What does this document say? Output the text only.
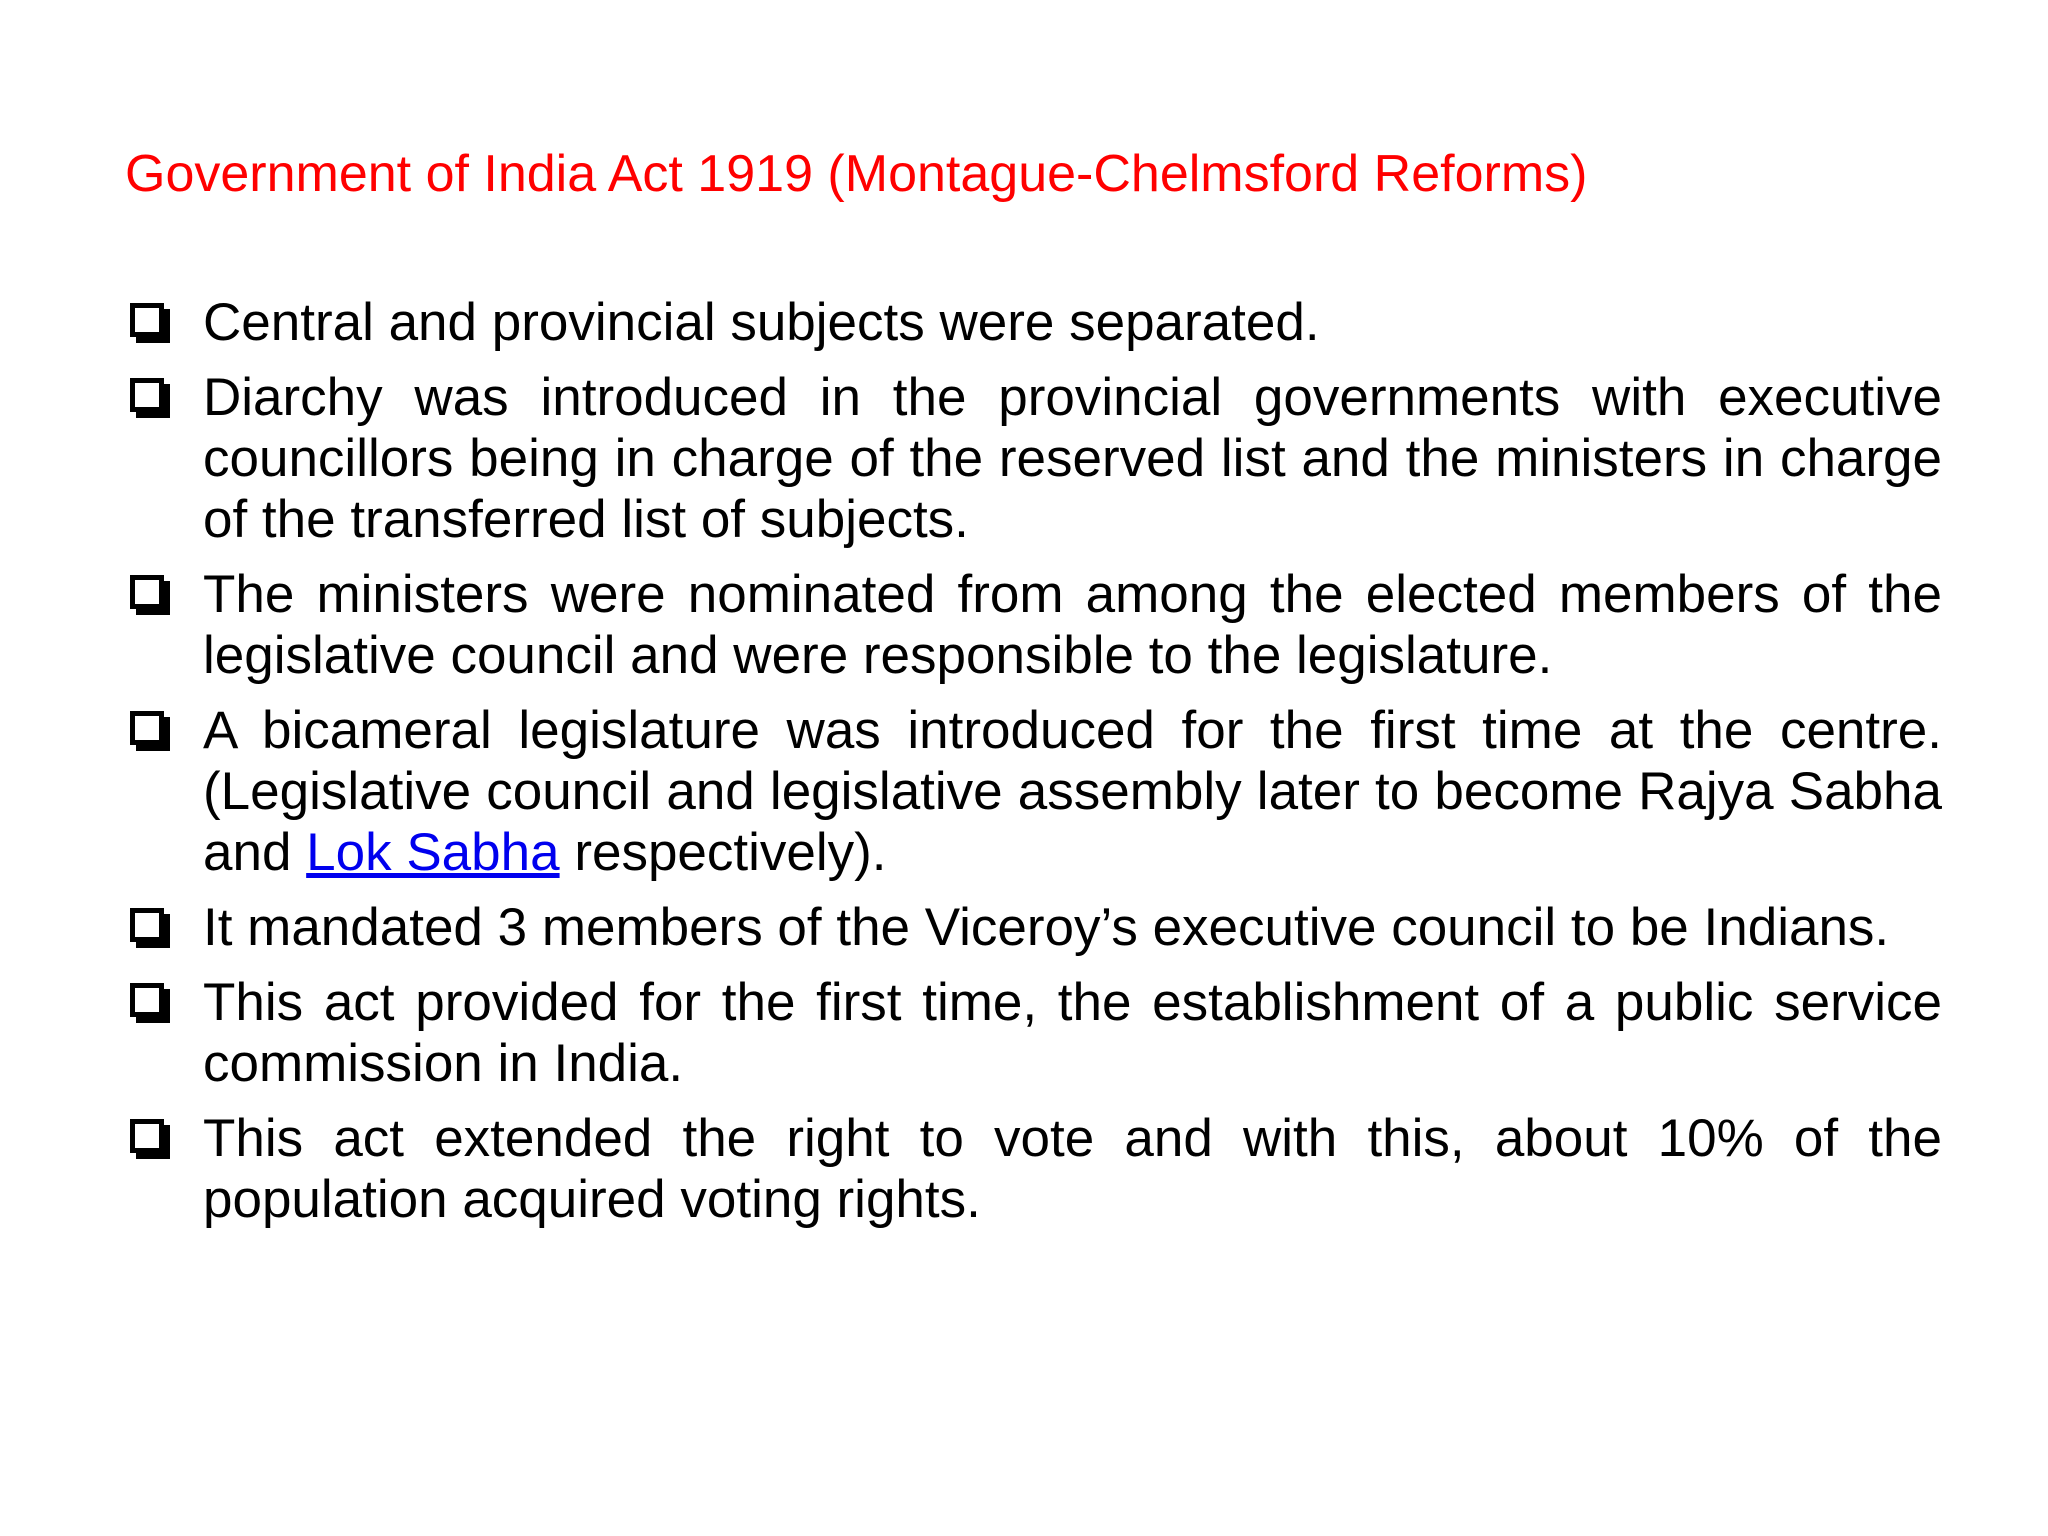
Government of India Act 1919 (Montague-Chelmsford Reforms)
Central and provincial subjects were separated.
Diarchy was introduced in the provincial governments with executive councillors being in charge of the reserved list and the ministers in charge of the transferred list of subjects.
The ministers were nominated from among the elected members of the legislative council and were responsible to the legislature.
A bicameral legislature was introduced for the first time at the centre. (Legislative council and legislative assembly later to become Rajya Sabha and Lok Sabha respectively).
It mandated 3 members of the Viceroy’s executive council to be Indians.
This act provided for the first time, the establishment of a public service commission in India.
This act extended the right to vote and with this, about 10% of the population acquired voting rights.
